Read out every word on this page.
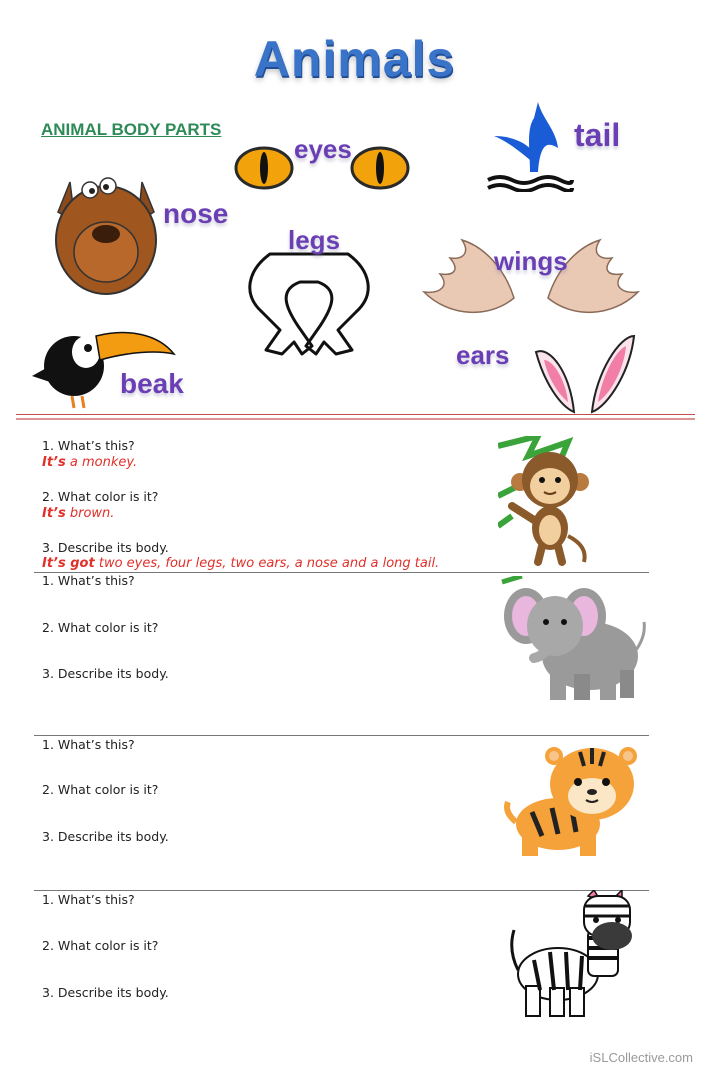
Animals
ANIMAL BODY PARTS
nose
eyes	tail
legs
wings
beak
ears
1. What’s this?
It’s a monkey.
2. What color is it?
It’s brown.
3. Describe its body.
It’s got two eyes, four legs, two ears, a nose and a long tail.
1. What’s this?
2. What color is it?
3. Describe its body.
1. What’s this?
2. What color is it?
3. Describe its body.
1. What’s this?
2. What color is it?
3. Describe its body.
iSLCollective.com
